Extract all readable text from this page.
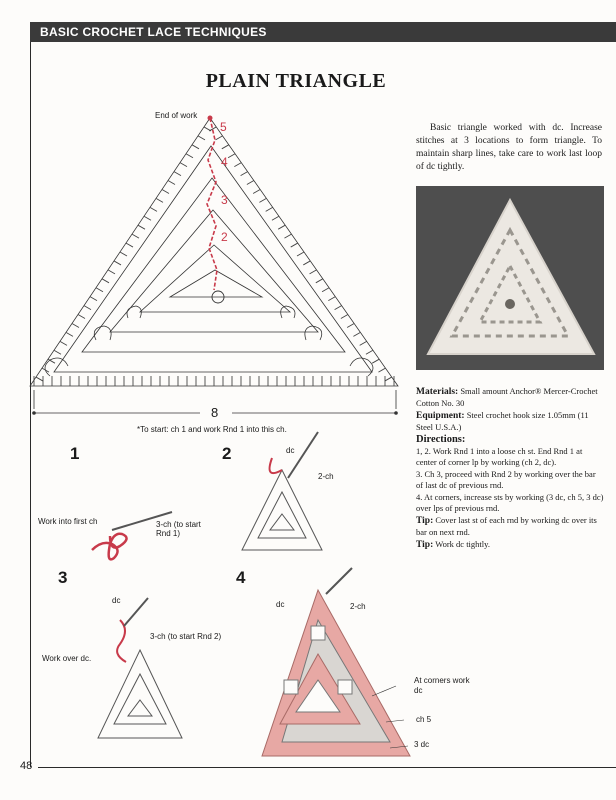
BASIC CROCHET LACE TECHNIQUES
48
PLAIN TRIANGLE
End of work
5
4
3
2
8
*To start: ch 1 and work Rnd 1 into this ch.
Basic triangle worked with dc. Increase stitches at 3 locations to form triangle. To maintain sharp lines, take care to work last loop of dc tightly.

Materials: Small amount Anchor® Mercer-Crochet Cotton No. 30

Equipment: Steel crochet hook size 1.05mm (11 Steel U.S.A.)

Directions:

1, 2. Work Rnd 1 into a loose ch st. End Rnd 1 at center of corner lp by working (ch 2, dc).

3. Ch 3, proceed with Rnd 2 by working over the bar of last dc of previous rnd.

4. At corners, increase sts by working (3 dc, ch 5, 3 dc) over lps of previous rnd.

Tip: Cover last st of each rnd by working dc over its bar on next rnd.

Tip: Work dc tightly.

1
Work into first ch	3-ch (to start Rnd 1)
2	dc
2-ch
3
dc
3-ch (to start Rnd 2)
Work over dc.
4
dc	2-ch
At corners work
dc
ch 5
3 dc
